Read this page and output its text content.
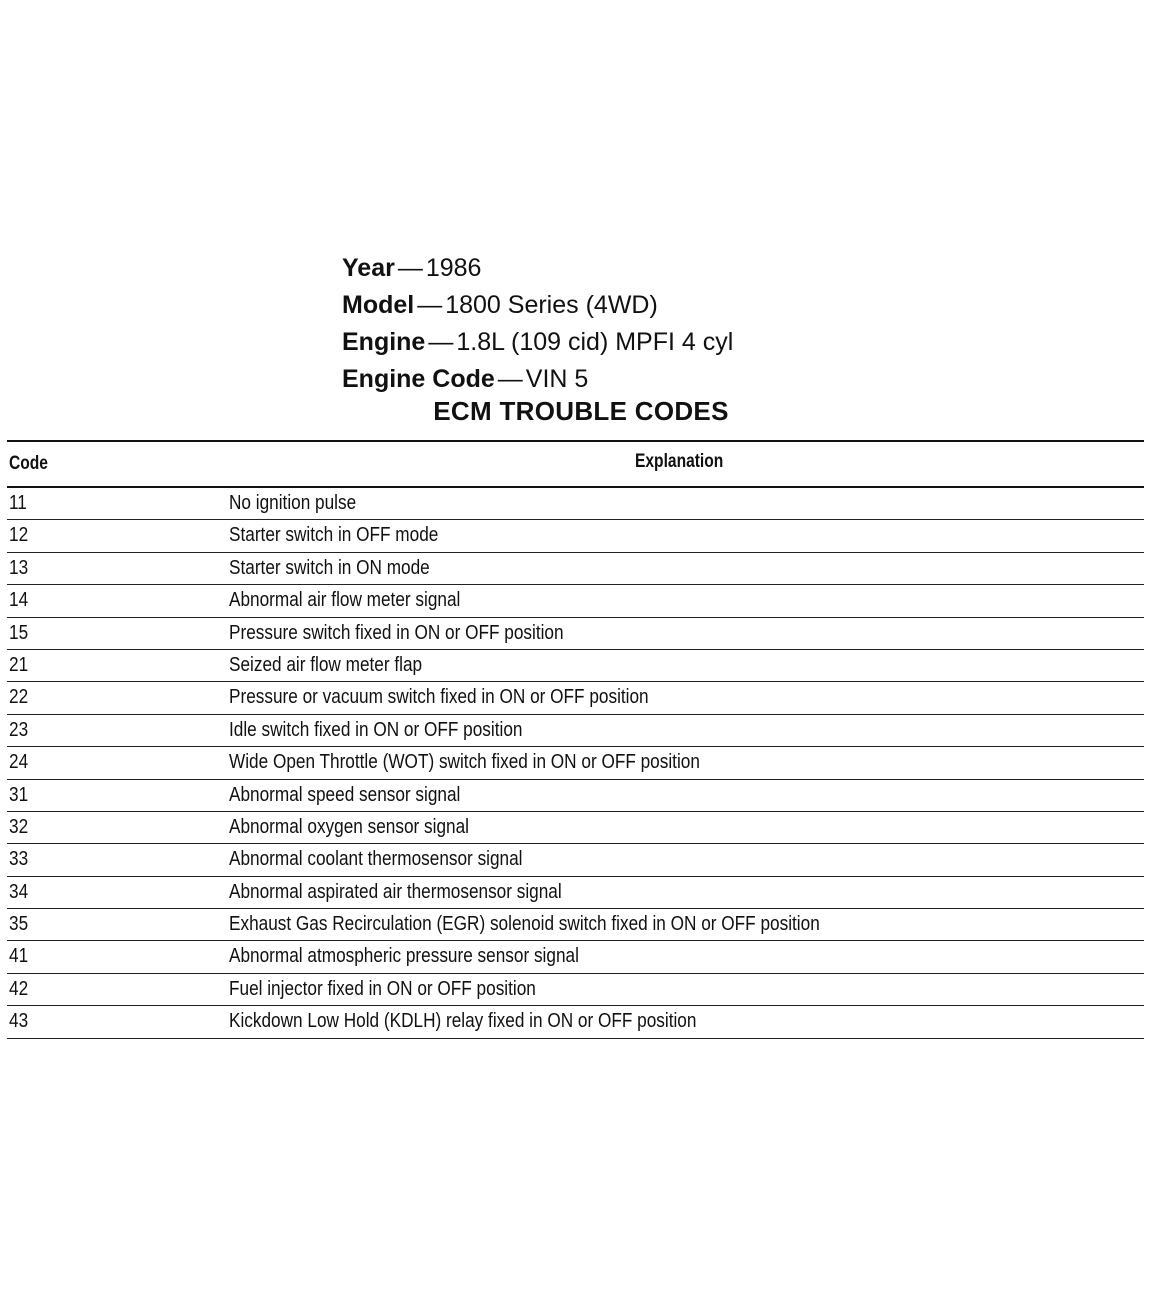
Year — 1986
Model — 1800 Series (4WD)
Engine — 1.8L (109 cid) MPFI 4 cyl
Engine Code — VIN 5
ECM TROUBLE CODES
Code	Explanation
11	No ignition pulse
12	Starter switch in OFF mode
13	Starter switch in ON mode
14	Abnormal air flow meter signal
15	Pressure switch fixed in ON or OFF position
21	Seized air flow meter flap
22	Pressure or vacuum switch fixed in ON or OFF position
23	Idle switch fixed in ON or OFF position
24	Wide Open Throttle (WOT) switch fixed in ON or OFF position
31	Abnormal speed sensor signal
32	Abnormal oxygen sensor signal
33	Abnormal coolant thermosensor signal
34	Abnormal aspirated air thermosensor signal
35	Exhaust Gas Recirculation (EGR) solenoid switch fixed in ON or OFF position
41	Abnormal atmospheric pressure sensor signal
42	Fuel injector fixed in ON or OFF position
43	Kickdown Low Hold (KDLH) relay fixed in ON or OFF position
